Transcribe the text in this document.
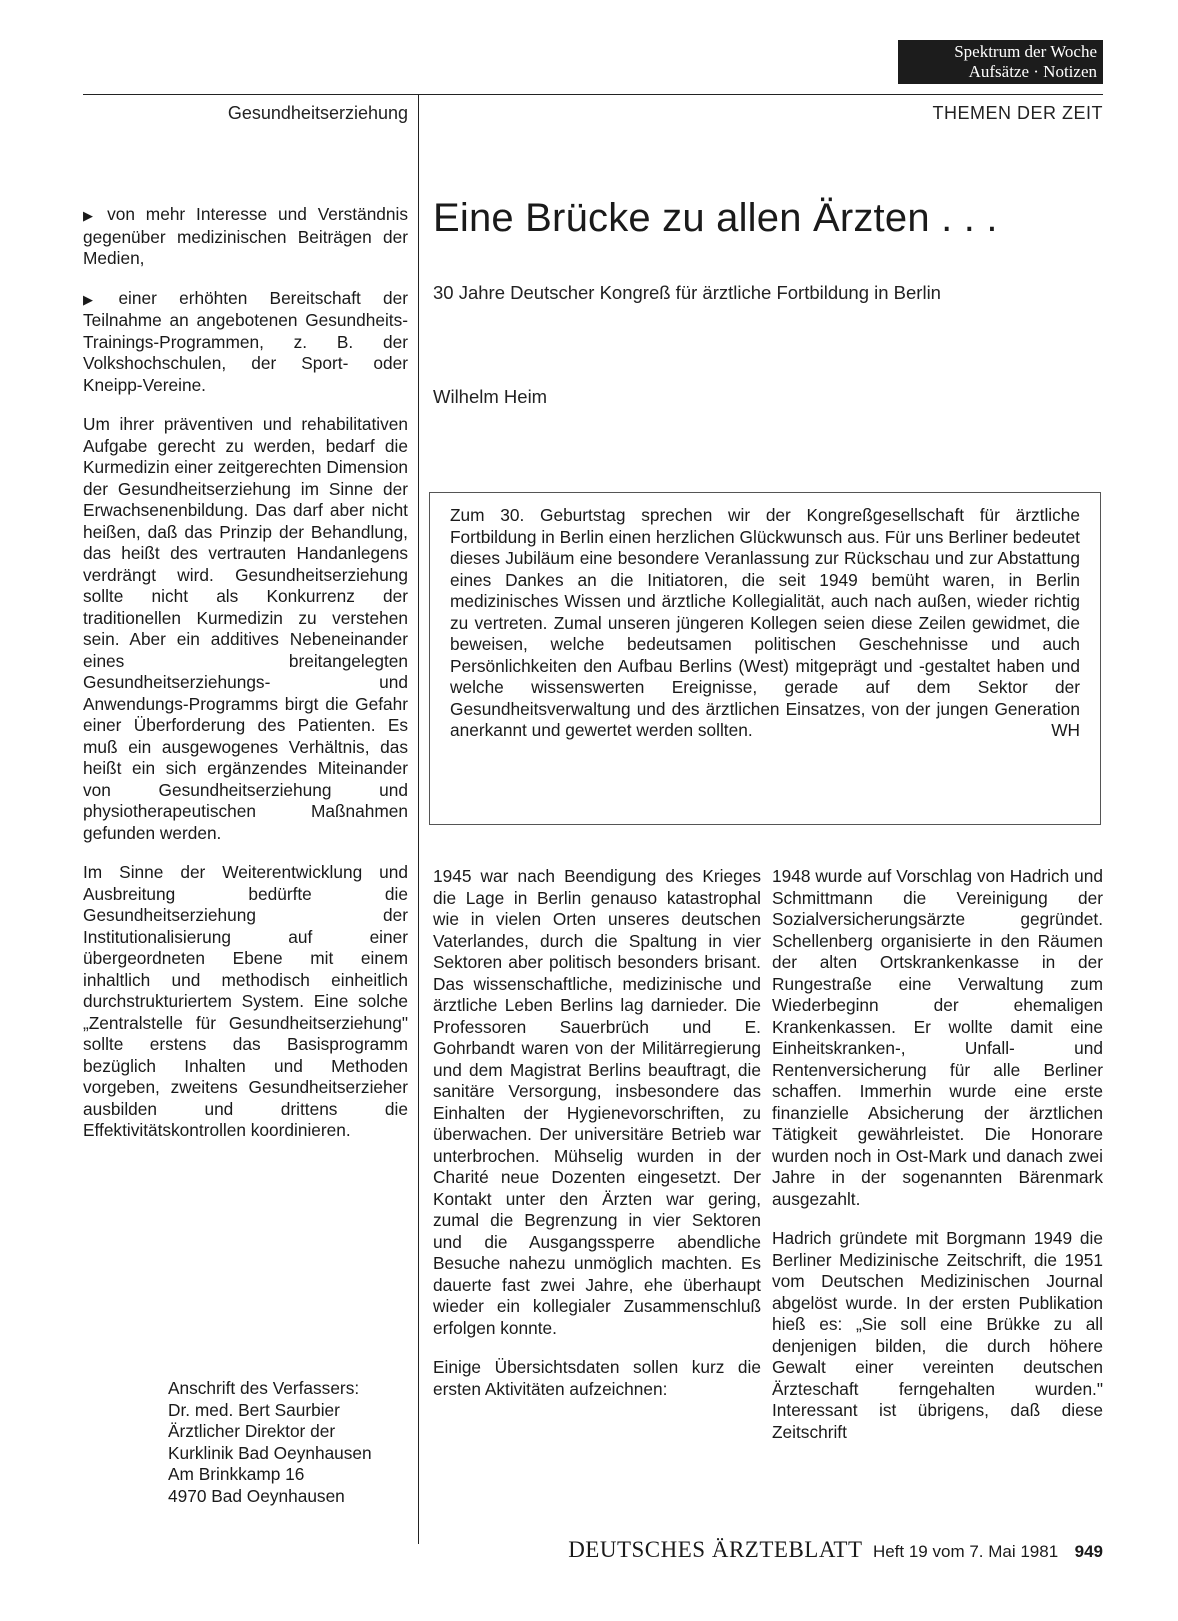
Spektrum der Woche
Aufsätze · Notizen
Gesundheitserziehung	THEMEN DER ZEIT

▶ von mehr Interesse und Verständnis gegenüber medizinischen Beiträgen der Medien,

▶ einer erhöhten Bereitschaft der Teilnahme an angebotenen Gesundheits-Trainings-Programmen, z. B. der Volkshochschulen, der Sport- oder Kneipp-Vereine.

Um ihrer präventiven und rehabilitativen Aufgabe gerecht zu werden, bedarf die Kurmedizin einer zeitgerechten Dimension der Gesundheitserziehung im Sinne der Erwachsenenbildung. Das darf aber nicht heißen, daß das Prinzip der Behandlung, das heißt des vertrauten Handanlegens verdrängt wird. Gesundheitserziehung sollte nicht als Konkurrenz der traditionellen Kurmedizin zu verstehen sein. Aber ein additives Nebeneinander eines breitangelegten Gesundheitserziehungs- und Anwendungs-Programms birgt die Gefahr einer Überforderung des Patienten. Es muß ein ausgewogenes Verhältnis, das heißt ein sich ergänzendes Miteinander von Gesundheitserziehung und physiotherapeutischen Maßnahmen gefunden werden.

Im Sinne der Weiterentwicklung und Ausbreitung bedürfte die Gesundheitserziehung der Institutionalisierung auf einer übergeordneten Ebene mit einem inhaltlich und methodisch einheitlich durchstrukturiertem System. Eine solche „Zentralstelle für Gesundheitserziehung" sollte erstens das Basisprogramm bezüglich Inhalten und Methoden vorgeben, zweitens Gesundheitserzieher ausbilden und drittens die Effektivitätskontrollen koordinieren.

Eine Brücke zu allen Ärzten . . .
30 Jahre Deutscher Kongreß für ärztliche Fortbildung in Berlin
Wilhelm Heim
Zum 30. Geburtstag sprechen wir der Kongreßgesellschaft für ärztliche Fortbildung in Berlin einen herzlichen Glückwunsch aus. Für uns Berliner bedeutet dieses Jubiläum eine besondere Veranlassung zur Rückschau und zur Abstattung eines Dankes an die Initiatoren, die seit 1949 bemüht waren, in Berlin medizinisches Wissen und ärztliche Kollegialität, auch nach außen, wieder richtig zu vertreten. Zumal unseren jüngeren Kollegen seien diese Zeilen gewidmet, die beweisen, welche bedeutsamen politischen Geschehnisse und auch Persönlichkeiten den Aufbau Berlins (West) mitgeprägt und -gestaltet haben und welche wissenswerten Ereignisse, gerade auf dem Sektor der Gesundheitsverwaltung und des ärztlichen Einsatzes, von der jungen Generation anerkannt und gewertet werden sollten.	WH

1945 war nach Beendigung des Krieges die Lage in Berlin genauso katastrophal wie in vielen Orten unseres deutschen Vaterlandes, durch die Spaltung in vier Sektoren aber politisch besonders brisant. Das wissenschaftliche, medizinische und ärztliche Leben Berlins lag darnieder. Die Professoren Sauerbrüch und E. Gohrbandt waren von der Militärregierung und dem Magistrat Berlins beauftragt, die sanitäre Versorgung, insbesondere das Einhalten der Hygienevorschriften, zu überwachen. Der universitäre Betrieb war unterbrochen. Mühselig wurden in der Charité neue Dozenten eingesetzt. Der Kontakt unter den Ärzten war gering, zumal die Begrenzung in vier Sektoren und die Ausgangssperre abendliche Besuche nahezu unmöglich machten. Es dauerte fast zwei Jahre, ehe überhaupt wieder ein kollegialer Zusammenschluß erfolgen konnte.

Einige Übersichtsdaten sollen kurz die ersten Aktivitäten aufzeichnen:

1948 wurde auf Vorschlag von Hadrich und Schmittmann die Vereinigung der Sozialversicherungsärzte gegründet. Schellenberg organisierte in den Räumen der alten Ortskrankenkasse in der Rungestraße eine Verwaltung zum Wiederbeginn der ehemaligen Krankenkassen. Er wollte damit eine Einheitskranken-, Unfall- und Rentenversicherung für alle Berliner schaffen. Immerhin wurde eine erste finanzielle Absicherung der ärztlichen Tätigkeit gewährleistet. Die Honorare wurden noch in Ost-Mark und danach zwei Jahre in der sogenannten Bärenmark ausgezahlt.

Hadrich gründete mit Borgmann 1949 die Berliner Medizinische Zeitschrift, die 1951 vom Deutschen Medizinischen Journal abgelöst wurde. In der ersten Publikation hieß es: „Sie soll eine Brükke zu all denjenigen bilden, die durch höhere Gewalt einer vereinten deutschen Ärzteschaft ferngehalten wurden." Interessant ist übrigens, daß diese Zeitschrift

Anschrift des Verfassers:
Dr. med. Bert Saurbier
Ärztlicher Direktor der
Kurklinik Bad Oeynhausen
Am Brinkkamp 16
4970 Bad Oeynhausen
DEUTSCHES ÄRZTEBLATT Heft 19 vom 7. Mai 1981 949
